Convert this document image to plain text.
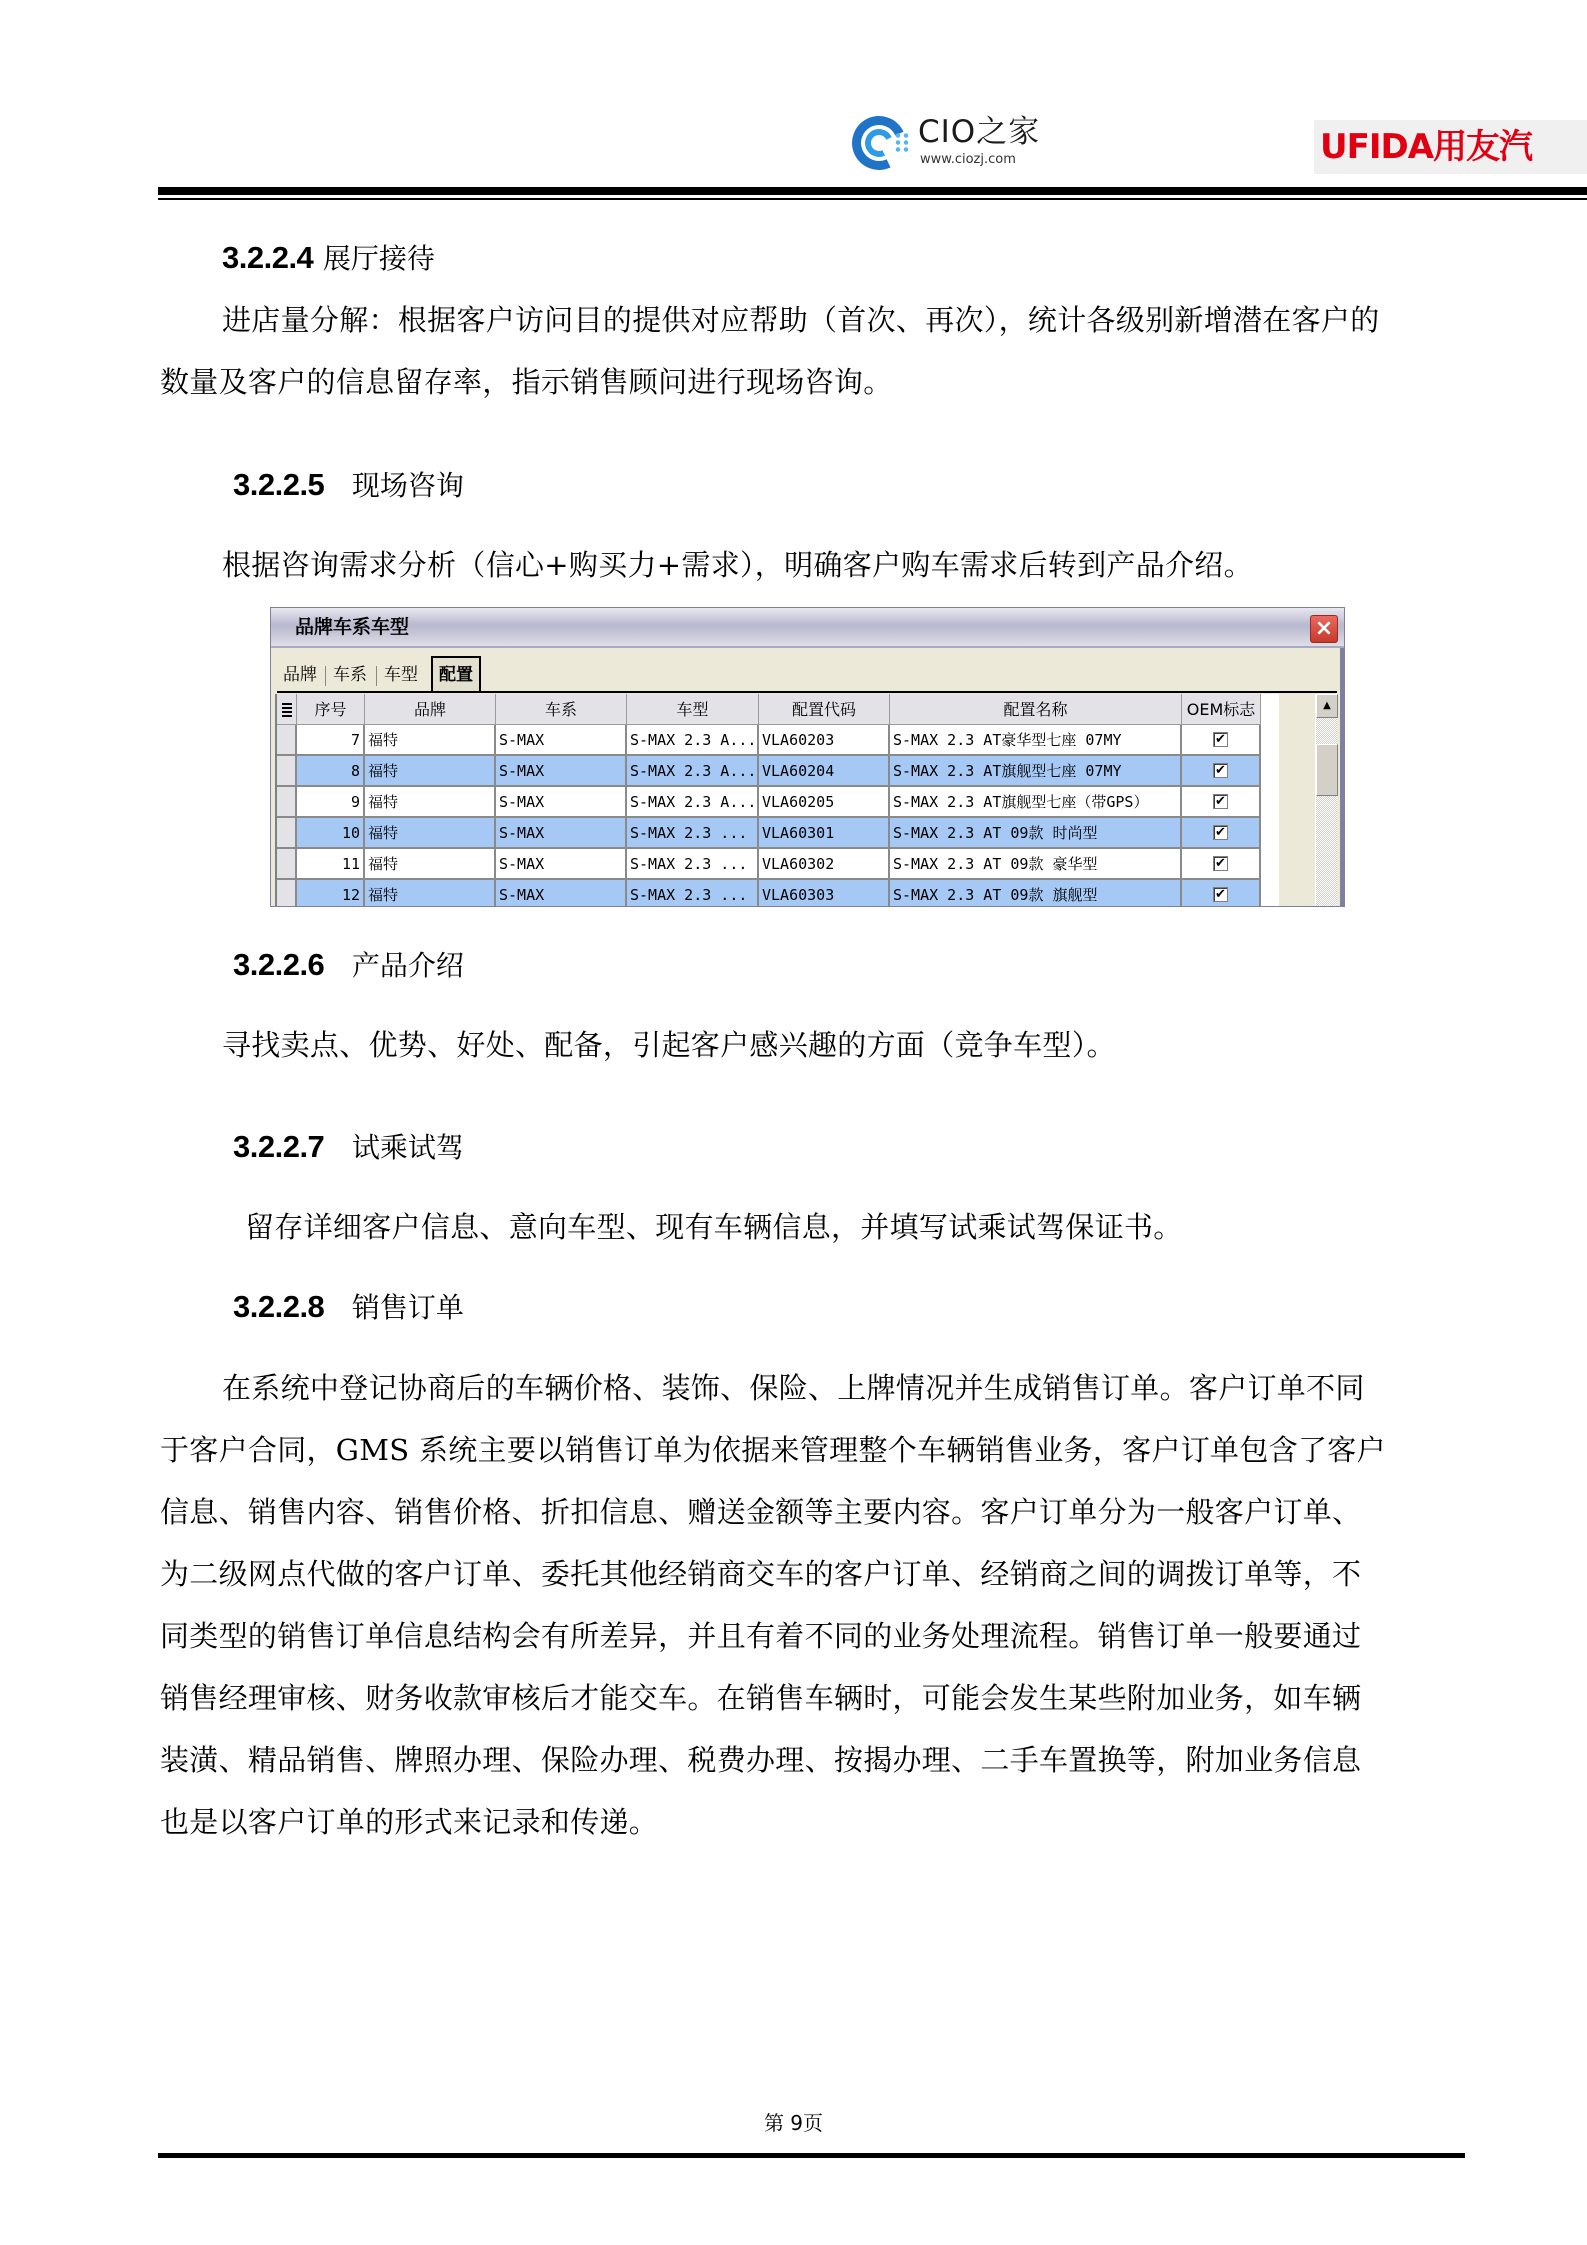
CIO之家
www.ciozj.com	UFIDA用友汽
3.2.2.4 展厅接待
进店量分解：根据客户访问目的提供对应帮助（首次、再次），统计各级别新增潜在客户的
数量及客户的信息留存率，指示销售顾问进行现场咨询。
3.2.2.5 现场咨询
根据咨询需求分析（信心+购买力+需求），明确客户购车需求后转到产品介绍。
品牌车系车型	×
品牌 车系	车型	配置
序号	品牌	车系	车型	配置代码	配置名称	OEM标志
7 福特	S-MAX	S-MAX 2.3 A... VLA60203	S-MAX 2.3 AT豪华型七座 07MY	✔
8 福特	S-MAX	S-MAX 2.3 A... VLA60204	S-MAX 2.3 AT旗舰型七座 07MY	✔
9 福特	S-MAX	S-MAX 2.3 A... VLA60205	S-MAX 2.3 AT旗舰型七座（带GPS）	✔
10 福特	S-MAX	S-MAX 2.3 ... VLA60301	S-MAX 2.3 AT 09款 时尚型	✔
11 福特	S-MAX	S-MAX 2.3 ... VLA60302	S-MAX 2.3 AT 09款 豪华型	✔
12 福特	S-MAX	S-MAX 2.3 ... VLA60303	S-MAX 2.3 AT 09款 旗舰型	✔
▲
3.2.2.6 产品介绍
寻找卖点、优势、好处、配备，引起客户感兴趣的方面（竞争车型）。
3.2.2.7 试乘试驾
留存详细客户信息、意向车型、现有车辆信息，并填写试乘试驾保证书。
3.2.2.8 销售订单
在系统中登记协商后的车辆价格、装饰、保险、上牌情况并生成销售订单。客户订单不同
于客户合同，GMS 系统主要以销售订单为依据来管理整个车辆销售业务，客户订单包含了客户
信息、销售内容、销售价格、折扣信息、赠送金额等主要内容。客户订单分为一般客户订单、
为二级网点代做的客户订单、委托其他经销商交车的客户订单、经销商之间的调拨订单等，不
同类型的销售订单信息结构会有所差异，并且有着不同的业务处理流程。销售订单一般要通过
销售经理审核、财务收款审核后才能交车。在销售车辆时，可能会发生某些附加业务，如车辆
装潢、精品销售、牌照办理、保险办理、税费办理、按揭办理、二手车置换等，附加业务信息
也是以客户订单的形式来记录和传递。
第 9页
